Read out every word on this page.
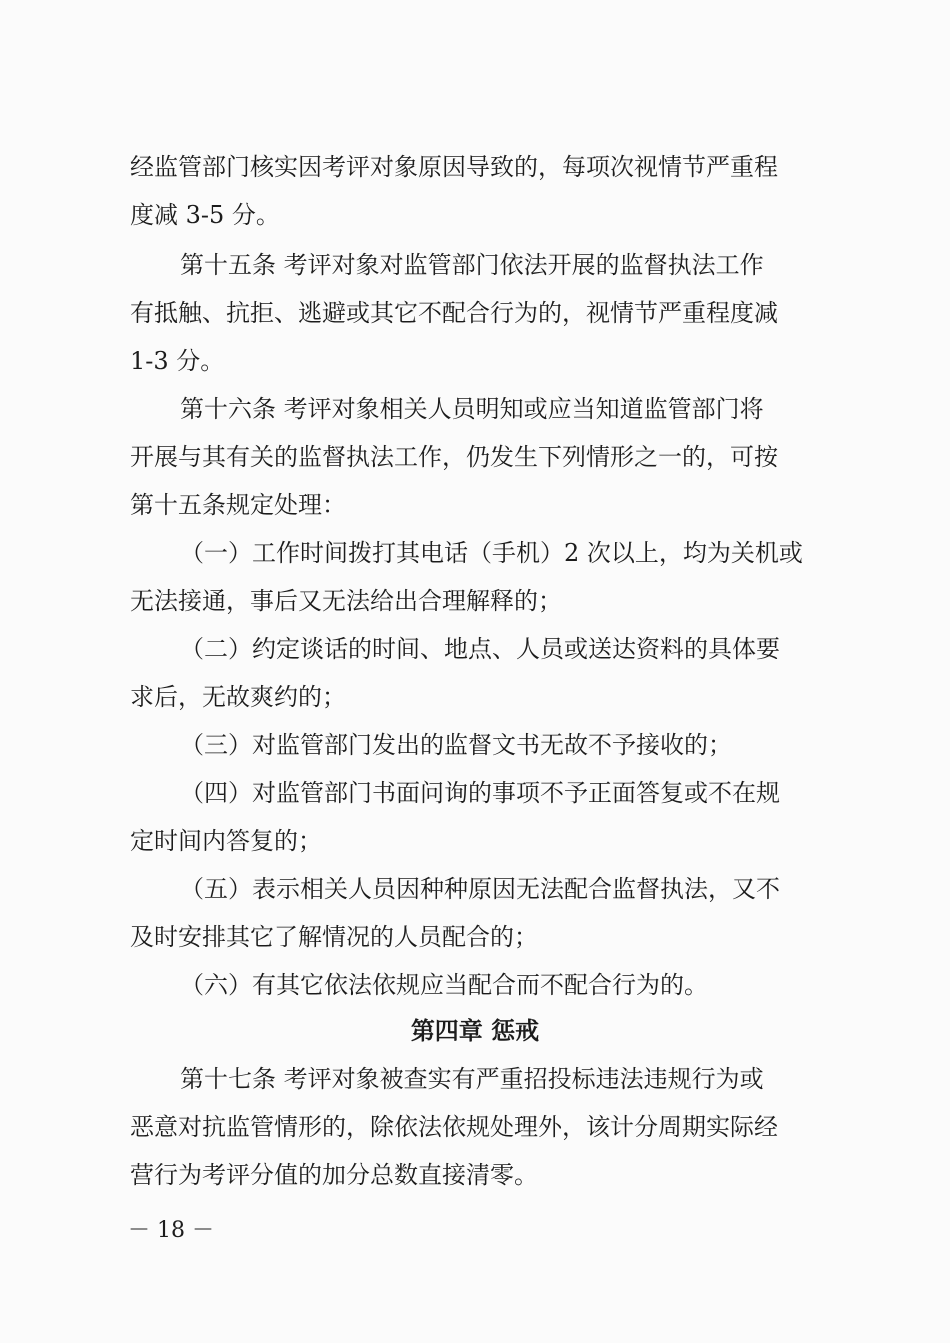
经监管部门核实因考评对象原因导致的，每项次视情节严重程
度减 3-5 分。
第十五条 考评对象对监管部门依法开展的监督执法工作
有抵触、抗拒、逃避或其它不配合行为的，视情节严重程度减
1-3 分。
第十六条 考评对象相关人员明知或应当知道监管部门将
开展与其有关的监督执法工作，仍发生下列情形之一的，可按
第十五条规定处理：
（一）工作时间拨打其电话（手机）2 次以上，均为关机或
无法接通，事后又无法给出合理解释的；
（二）约定谈话的时间、地点、人员或送达资料的具体要
求后，无故爽约的；
（三）对监管部门发出的监督文书无故不予接收的；
（四）对监管部门书面问询的事项不予正面答复或不在规
定时间内答复的；
（五）表示相关人员因种种原因无法配合监督执法，又不
及时安排其它了解情况的人员配合的；
（六）有其它依法依规应当配合而不配合行为的。
第四章 惩戒
第十七条 考评对象被查实有严重招投标违法违规行为或
恶意对抗监管情形的，除依法依规处理外，该计分周期实际经
营行为考评分值的加分总数直接清零。
－ 18 －
